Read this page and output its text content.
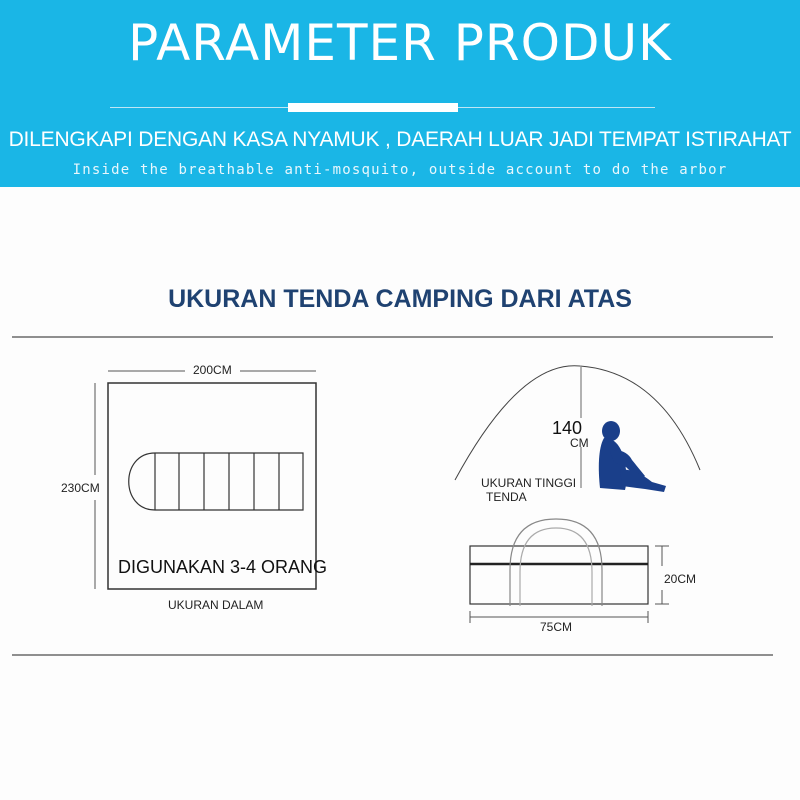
PARAMETER PRODUK
DILENGKAPI DENGAN KASA NYAMUK , DAERAH LUAR JADI TEMPAT ISTIRAHAT
Inside the breathable anti-mosquito, outside account to do the arbor
UKURAN TENDA CAMPING DARI ATAS
200CM
230CM
DIGUNAKAN 3-4 ORANG
UKURAN DALAM
140
CM
UKURAN TINGGI
TENDA
20CM
75CM
